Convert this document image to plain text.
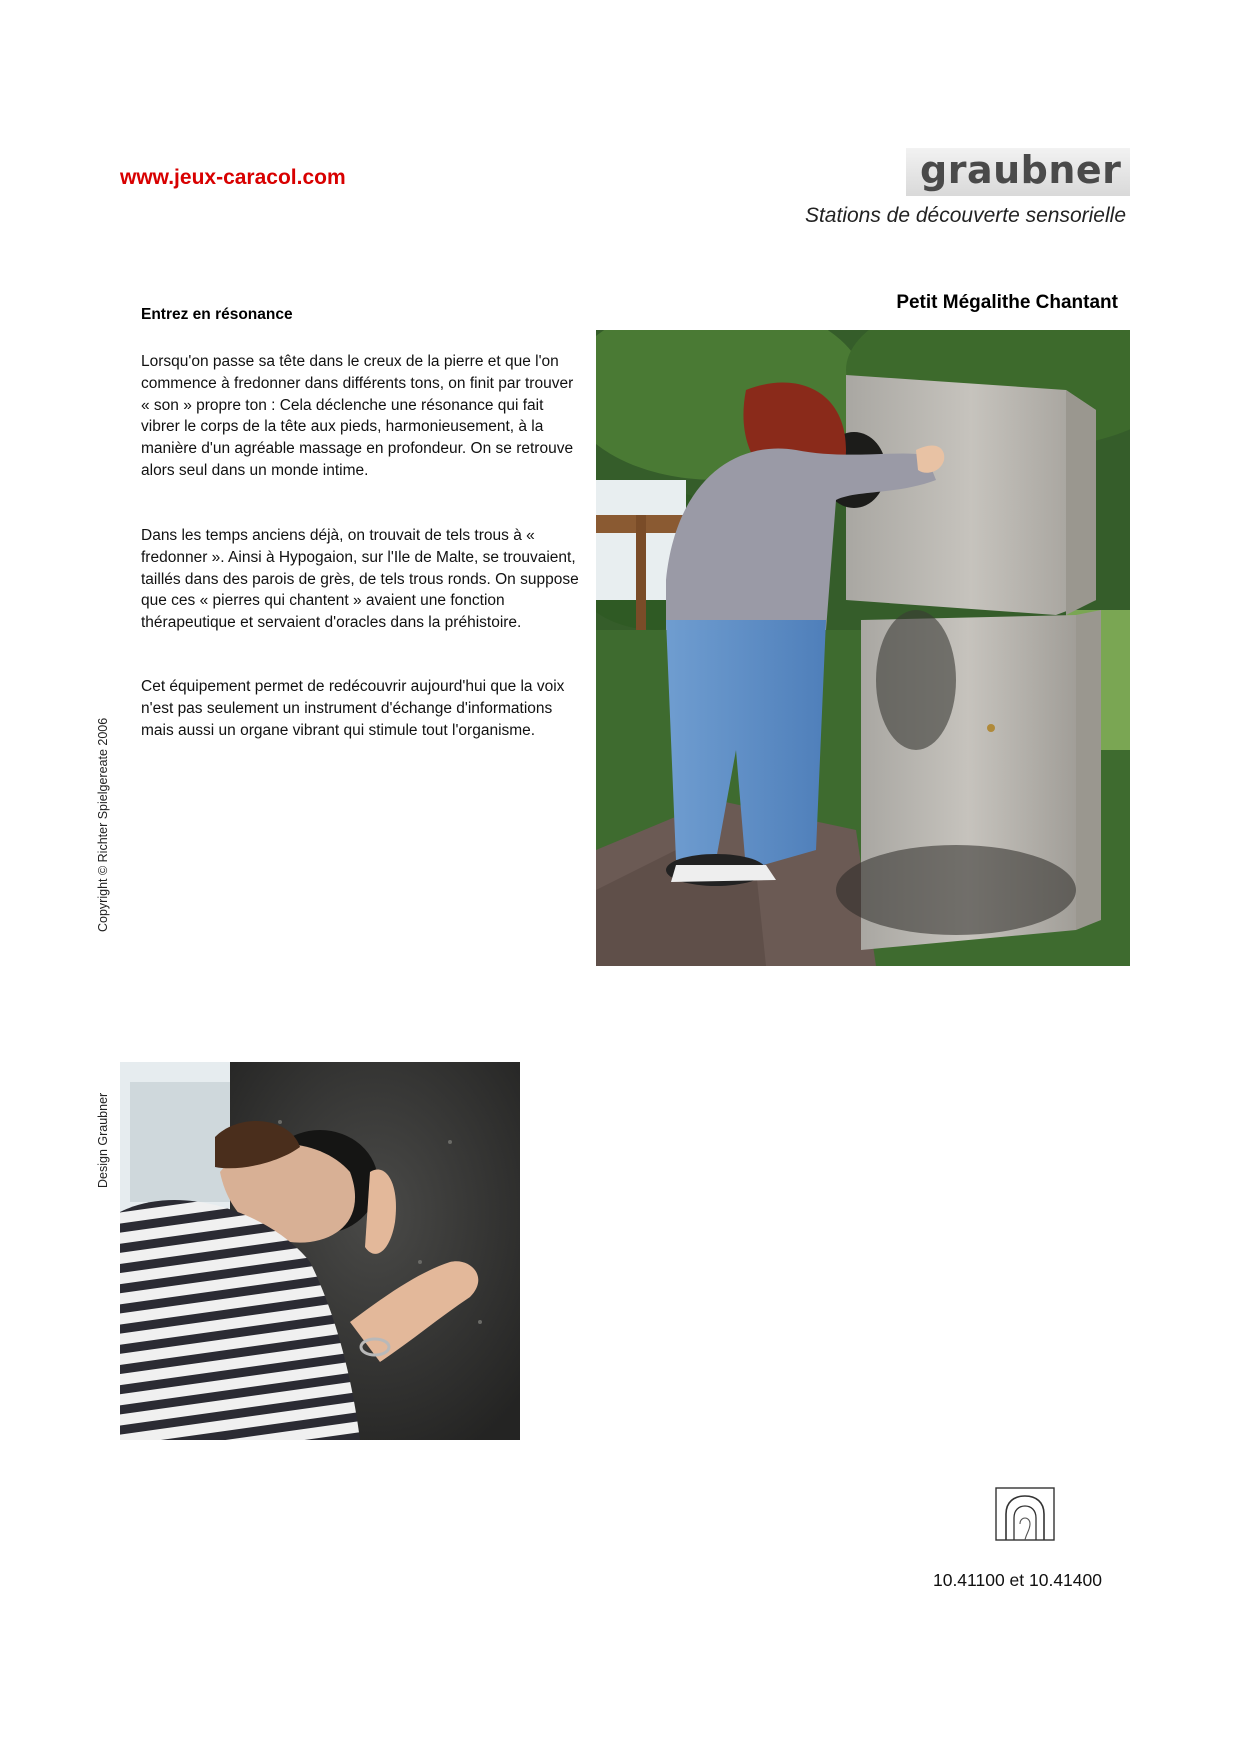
www.jeux-caracol.com	graubner
Stations de découverte sensorielle
Petit Mégalithe Chantant
Entrez en résonance
Lorsqu'on passe sa tête dans le creux de la pierre et que l'on commence à fredonner dans différents tons, on finit par trouver « son » propre ton : Cela déclenche une résonance qui fait vibrer le corps de la tête aux pieds, harmonieusement, à la manière d'un agréable massage en profondeur. On se retrouve alors seul dans un monde intime.
Dans les temps anciens déjà, on trouvait de tels trous à « fredonner ». Ainsi à Hypogaion, sur l'Ile de Malte, se trouvaient, taillés dans des parois de grès, de tels trous ronds. On suppose que ces « pierres qui chantent » avaient une fonction thérapeutique et servaient d'oracles dans la préhistoire.
Cet équipement permet de redécouvrir aujourd'hui que la voix n'est pas seulement un instrument d'échange d'informations mais aussi un organe vibrant qui stimule tout l'organisme.
Copyright © Richter Spielgereate 2006
Design Graubner
10.41100 et 10.41400
